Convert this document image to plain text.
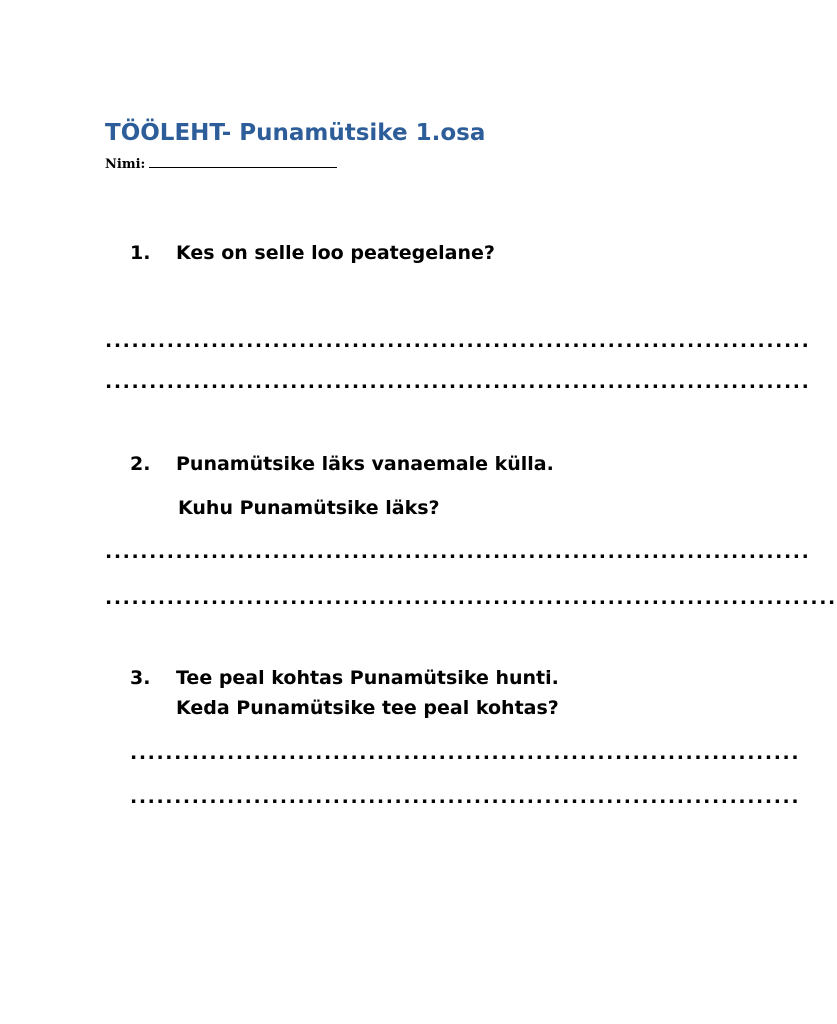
TÖÖLEHT- Punamütsike 1.osa
Nimi:
1. Kes on selle loo peategelane?
................................................................................
................................................................................
2. Punamütsike läks vanaemale külla.
Kuhu Punamütsike läks?
................................................................................
...................................................................................
3. Tee peal kohtas Punamütsike hunti.
Keda Punamütsike tee peal kohtas?
............................................................................
............................................................................
